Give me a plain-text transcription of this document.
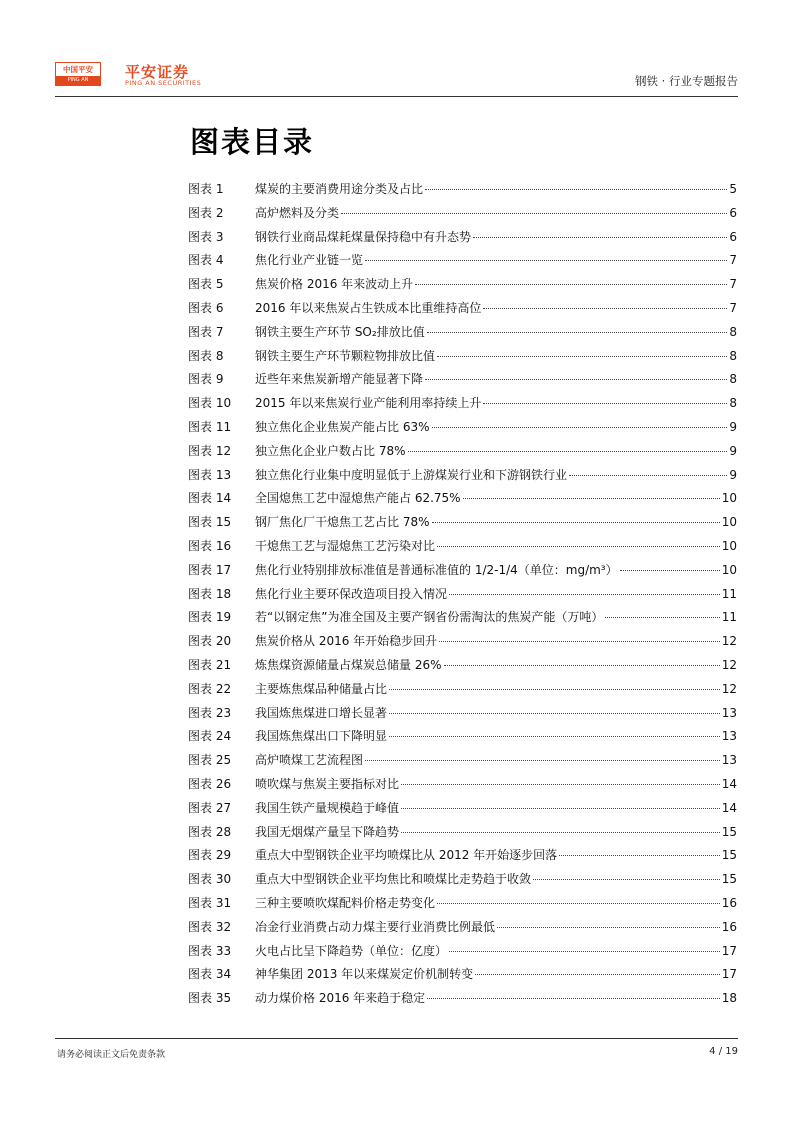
中国平安
PING AN	平安证券
PING AN SECURITIES	钢铁 · 行业专题报告
图表目录
图表 1	煤炭的主要消费用途分类及占比	5
图表 2	高炉燃料及分类	6
图表 3	钢铁行业商品煤耗煤量保持稳中有升态势	6
图表 4	焦化行业产业链一览	7
图表 5	焦炭价格 2016 年来波动上升	7
图表 6	2016 年以来焦炭占生铁成本比重维持高位	7
图表 7	钢铁主要生产环节 SO₂排放比值	8
图表 8	钢铁主要生产环节颗粒物排放比值	8
图表 9	近些年来焦炭新增产能显著下降	8
图表 10	2015 年以来焦炭行业产能利用率持续上升	8
图表 11	独立焦化企业焦炭产能占比 63%	9
图表 12	独立焦化企业户数占比 78%	9
图表 13	独立焦化行业集中度明显低于上游煤炭行业和下游钢铁行业	9
图表 14	全国熄焦工艺中湿熄焦产能占 62.75%	10
图表 15	钢厂焦化厂干熄焦工艺占比 78%	10
图表 16	干熄焦工艺与湿熄焦工艺污染对比	10
图表 17	焦化行业特别排放标准值是普通标准值的 1/2-1/4（单位：mg/m³）	10
图表 18	焦化行业主要环保改造项目投入情况	11
图表 19	若“以钢定焦”为准全国及主要产钢省份需淘汰的焦炭产能（万吨）	11
图表 20	焦炭价格从 2016 年开始稳步回升	12
图表 21	炼焦煤资源储量占煤炭总储量 26%	12
图表 22	主要炼焦煤品种储量占比	12
图表 23	我国炼焦煤进口增长显著	13
图表 24	我国炼焦煤出口下降明显	13
图表 25	高炉喷煤工艺流程图	13
图表 26	喷吹煤与焦炭主要指标对比	14
图表 27	我国生铁产量规模趋于峰值	14
图表 28	我国无烟煤产量呈下降趋势	15
图表 29	重点大中型钢铁企业平均喷煤比从 2012 年开始逐步回落	15
图表 30	重点大中型钢铁企业平均焦比和喷煤比走势趋于收敛	15
图表 31	三种主要喷吹煤配料价格走势变化	16
图表 32	冶金行业消费占动力煤主要行业消费比例最低	16
图表 33	火电占比呈下降趋势（单位：亿度）	17
图表 34	神华集团 2013 年以来煤炭定价机制转变	17
图表 35	动力煤价格 2016 年来趋于稳定	18
请务必阅读正文后免责条款	4 / 19
